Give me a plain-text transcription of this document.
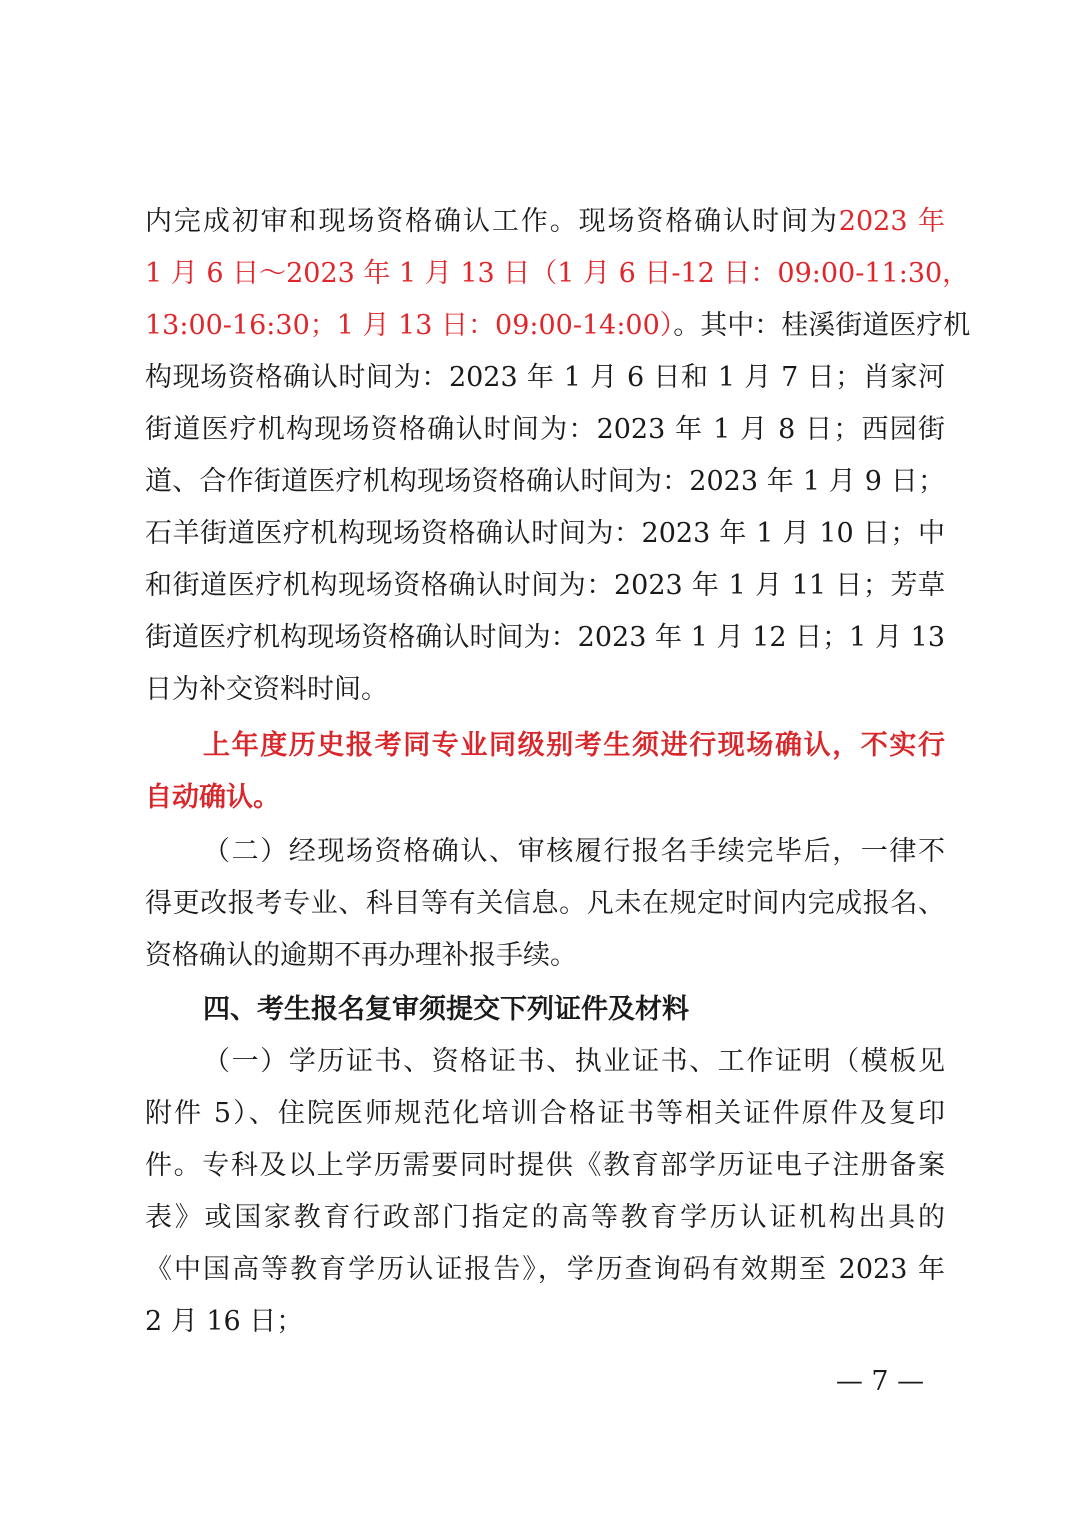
内完成初审和现场资格确认工作。现场资格确认时间为2023 年
1 月 6 日～2023 年 1 月 13 日（1 月 6 日-12 日：09:00-11:30，
13:00-16:30；1 月 13 日：09:00-14:00）。其中：桂溪街道医疗机
构现场资格确认时间为：2023 年 1 月 6 日和 1 月 7 日；肖家河
街道医疗机构现场资格确认时间为：2023 年 1 月 8 日；西园街
道、合作街道医疗机构现场资格确认时间为：2023 年 1 月 9 日；
石羊街道医疗机构现场资格确认时间为：2023 年 1 月 10 日；中
和街道医疗机构现场资格确认时间为：2023 年 1 月 11 日；芳草
街道医疗机构现场资格确认时间为：2023 年 1 月 12 日；1 月 13
日为补交资料时间。
上年度历史报考同专业同级别考生须进行现场确认，不实行
自动确认。
（二）经现场资格确认、审核履行报名手续完毕后，一律不
得更改报考专业、科目等有关信息。凡未在规定时间内完成报名、
资格确认的逾期不再办理补报手续。
四、考生报名复审须提交下列证件及材料
（一）学历证书、资格证书、执业证书、工作证明（模板见
附件 5）、住院医师规范化培训合格证书等相关证件原件及复印
件。专科及以上学历需要同时提供《教育部学历证电子注册备案
表》或国家教育行政部门指定的高等教育学历认证机构出具的
《中国高等教育学历认证报告》，学历查询码有效期至 2023 年
2 月 16 日；
— 7 —
